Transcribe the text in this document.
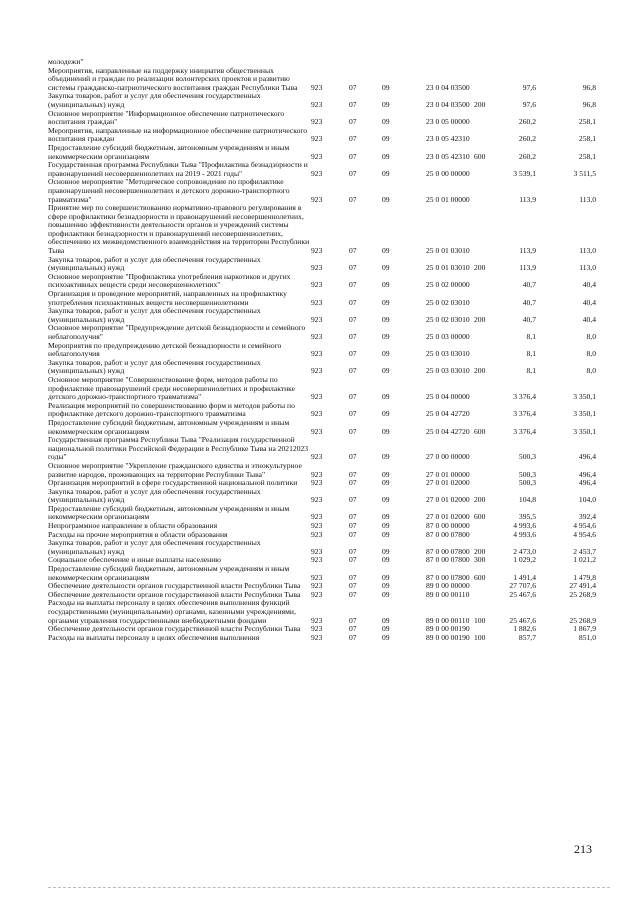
молодежи"
Мероприятия, направленные на поддержку инициатив общественных объединений и граждан по реализации волонтерских проектов и развитию системы гражданско-патриотического воспитания граждан Республики Тыва	923	07	09	23 0 04 03500	97,6	96,8
Закупка товаров, работ и услуг для обеспечения государственных (муниципальных) нужд	923	07	09	23 0 04 03500 200	97,6	96,8
Основное мероприятие "Информационное обеспечение патриотического воспитания граждан"	923	07	09	23 0 05 00000	260,2	258,1
Мероприятия, направленные на информационное обеспечение патриотического воспитания граждан	923	07	09	23 0 05 42310	260,2	258,1
Предоставление субсидий бюджетным, автономным учреждениям и иным некоммерческим организациям	923	07	09	23 0 05 42310 600	260,2	258,1
Государственная программа Республики Тыва "Профилактика безнадзорности и правонарушений несовершеннолетних на 2019 - 2021 годы"	923	07	09	25 0 00 00000	3 539,1	3 511,5
Основное мероприятие "Методическое сопровождение по профилактике правонарушений несовершеннолетних и детского дорожно-транспортного травматизма"	923	07	09	25 0 01 00000	113,9	113,0
Принятие мер по совершенствованию нормативно-правового регулирования в сфере профилактики безнадзорности и правонарушений несовершеннолетних, повышению эффективности деятельности органов и учреждений системы профилактики безнадзорности и правонарушений несовершеннолетних, обеспечению их межведомственного взаимодействия на территории Республики Тыва	923	07	09	25 0 01 03010	113,9	113,0
Закупка товаров, работ и услуг для обеспечения государственных (муниципальных) нужд	923	07	09	25 0 01 03010 200	113,9	113,0
Основное мероприятие "Профилактика употребления наркотиков и других психоактивных веществ среди несовершеннолетних"	923	07	09	25 0 02 00000	40,7	40,4
Организация и проведение мероприятий, направленных на профилактику употребления психоактивных веществ несовершеннолетними	923	07	09	25 0 02 03010	40,7	40,4
Закупка товаров, работ и услуг для обеспечения государственных (муниципальных) нужд	923	07	09	25 0 02 03010 200	40,7	40,4
Основное мероприятие "Предупреждение детской безнадзорности и семейного неблагополучия"	923	07	09	25 0 03 00000	8,1	8,0
Мероприятия по предупреждению детской безнадзорности и семейного неблагополучия	923	07	09	25 0 03 03010	8,1	8,0
Закупка товаров, работ и услуг для обеспечения государственных (муниципальных) нужд	923	07	09	25 0 03 03010 200	8,1	8,0
Основное мероприятие "Совершенствование форм, методов работы по профилактике правонарушений среди несовершеннолетних и профилактике детского дорожно-транспортного травматизма"	923	07	09	25 0 04 00000	3 376,4	3 350,1
Реализация мероприятий по совершенствованию форм и методов работы по профилактике детского дорожно-транспортного травматизма	923	07	09	25 0 04 42720	3 376,4	3 350,1
Предоставление субсидий бюджетным, автономным учреждениям и иным некоммерческим организациям	923	07	09	25 0 04 42720 600	3 376,4	3 350,1
Государственная программа Республики Тыва "Реализация государственной национальной политики Российской Федерации в Республике Тыва на 20212023 годы"	923	07	09	27 0 00 00000	500,3	496,4
Основное мероприятие "Укрепление гражданского единства и этнокультурное развитие народов, проживающих на территории Республики Тыва"	923	07	09	27 0 01 00000	500,3	496,4
Организация мероприятий в сфере государственной национальной политики	923	07	09	27 0 01 02000	500,3	496,4
Закупка товаров, работ и услуг для обеспечения государственных (муниципальных) нужд	923	07	09	27 0 01 02000 200	104,8	104,0
Предоставление субсидий бюджетным, автономным учреждениям и иным некоммерческим организациям	923	07	09	27 0 01 02000 600	395,5	392,4
Непрограммное направление в области образования	923	07	09	87 0 00 00000	4 993,6	4 954,6
Расходы на прочие мероприятия в области образования	923	07	09	87 0 00 07800	4 993,6	4 954,6
Закупка товаров, работ и услуг для обеспечения государственных (муниципальных) нужд	923	07	09	87 0 00 07800 200	2 473,0	2 453,7
Социальное обеспечение и иные выплаты населению	923	07	09	87 0 00 07800 300	1 029,2	1 021,2
Предоставление субсидий бюджетным, автономным учреждениям и иным некоммерческим организациям	923	07	09	87 0 00 07800 600	1 491,4	1 479,8
Обеспечение деятельности органов государственной власти Республики Тыва	923	07	09	89 0 00 00000	27 707,6	27 491,4
Обеспечение деятельности органов государственной власти Республики Тыва	923	07	09	89 0 00 00110	25 467,6	25 268,9
Расходы на выплаты персоналу в целях обеспечения выполнения функций государственными (муниципальными) органами, казенными учреждениями, органами управления государственными внебюджетными фондами	923	07	09	89 0 00 00110 100	25 467,6	25 268,9
Обеспечение деятельности органов государственной власти Республики Тыва	923	07	09	89 0 00 00190	1 882,6	1 867,9
Расходы на выплаты персоналу в целях обеспечения выполнения	923	07	09	89 0 00 00190 100	857,7	851,0
213
